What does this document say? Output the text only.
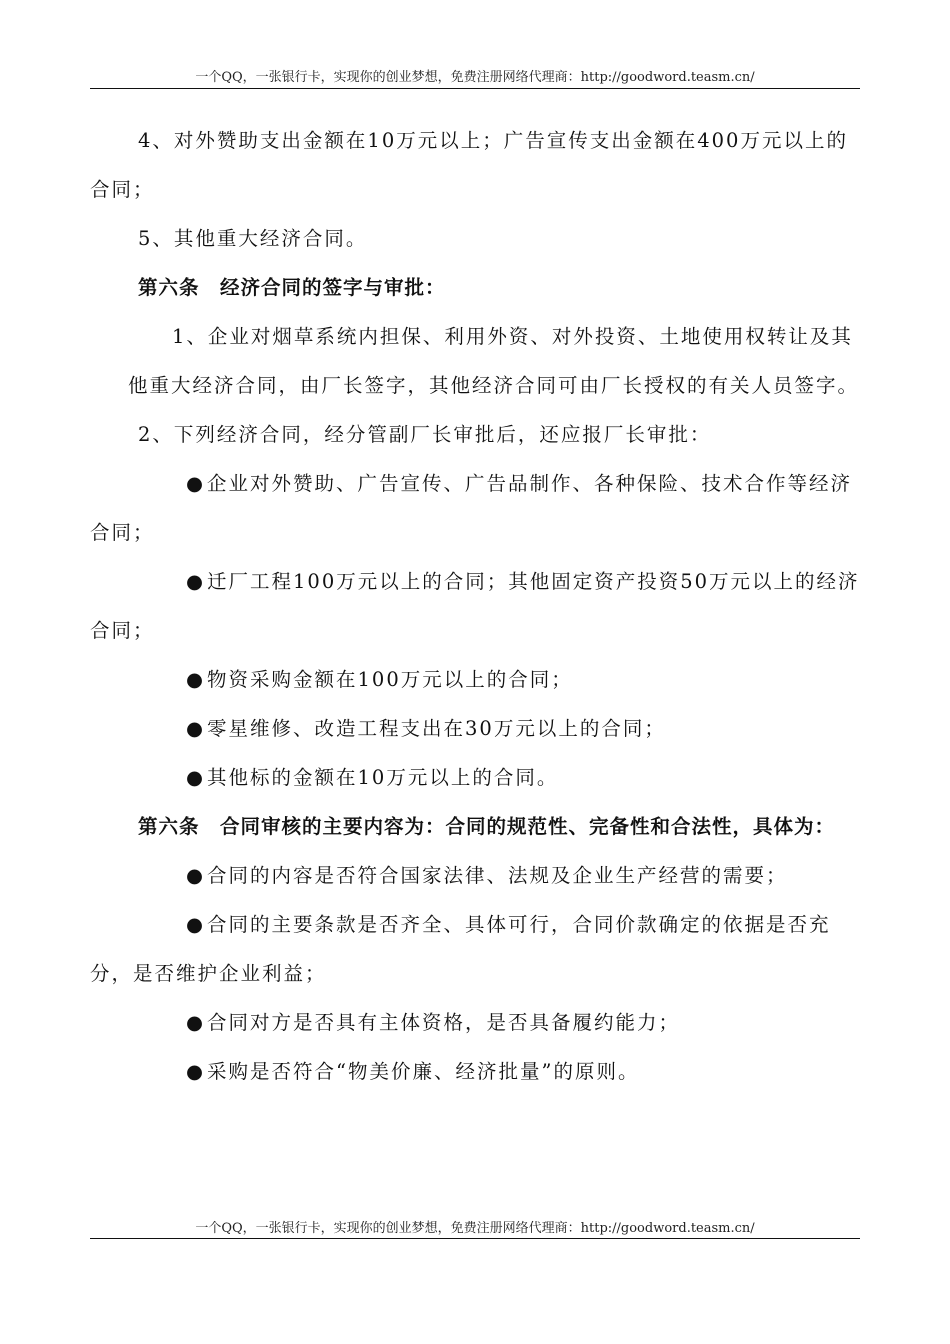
一个QQ，一张银行卡，实现你的创业梦想，免费注册网络代理商：http://goodword.teasm.cn/

4、对外赞助支出金额在10万元以上；广告宣传支出金额在400万元以上的合同；

5、其他重大经济合同。

第六条　经济合同的签字与审批：

1、企业对烟草系统内担保、利用外资、对外投资、土地使用权转让及其他重大经济合同，由厂长签字，其他经济合同可由厂长授权的有关人员签字。

2、下列经济合同，经分管副厂长审批后，还应报厂长审批：

● 企业对外赞助、广告宣传、广告品制作、各种保险、技术合作等经济合同；

● 迁厂工程100万元以上的合同；其他固定资产投资50万元以上的经济合同；

● 物资采购金额在100万元以上的合同；

● 零星维修、改造工程支出在30万元以上的合同；

● 其他标的金额在10万元以上的合同。

第六条　合同审核的主要内容为：合同的规范性、完备性和合法性，具体为：

● 合同的内容是否符合国家法律、法规及企业生产经营的需要；

● 合同的主要条款是否齐全、具体可行，合同价款确定的依据是否充分，是否维护企业利益；

● 合同对方是否具有主体资格，是否具备履约能力；

● 采购是否符合“物美价廉、经济批量”的原则。

一个QQ，一张银行卡，实现你的创业梦想，免费注册网络代理商：http://goodword.teasm.cn/
